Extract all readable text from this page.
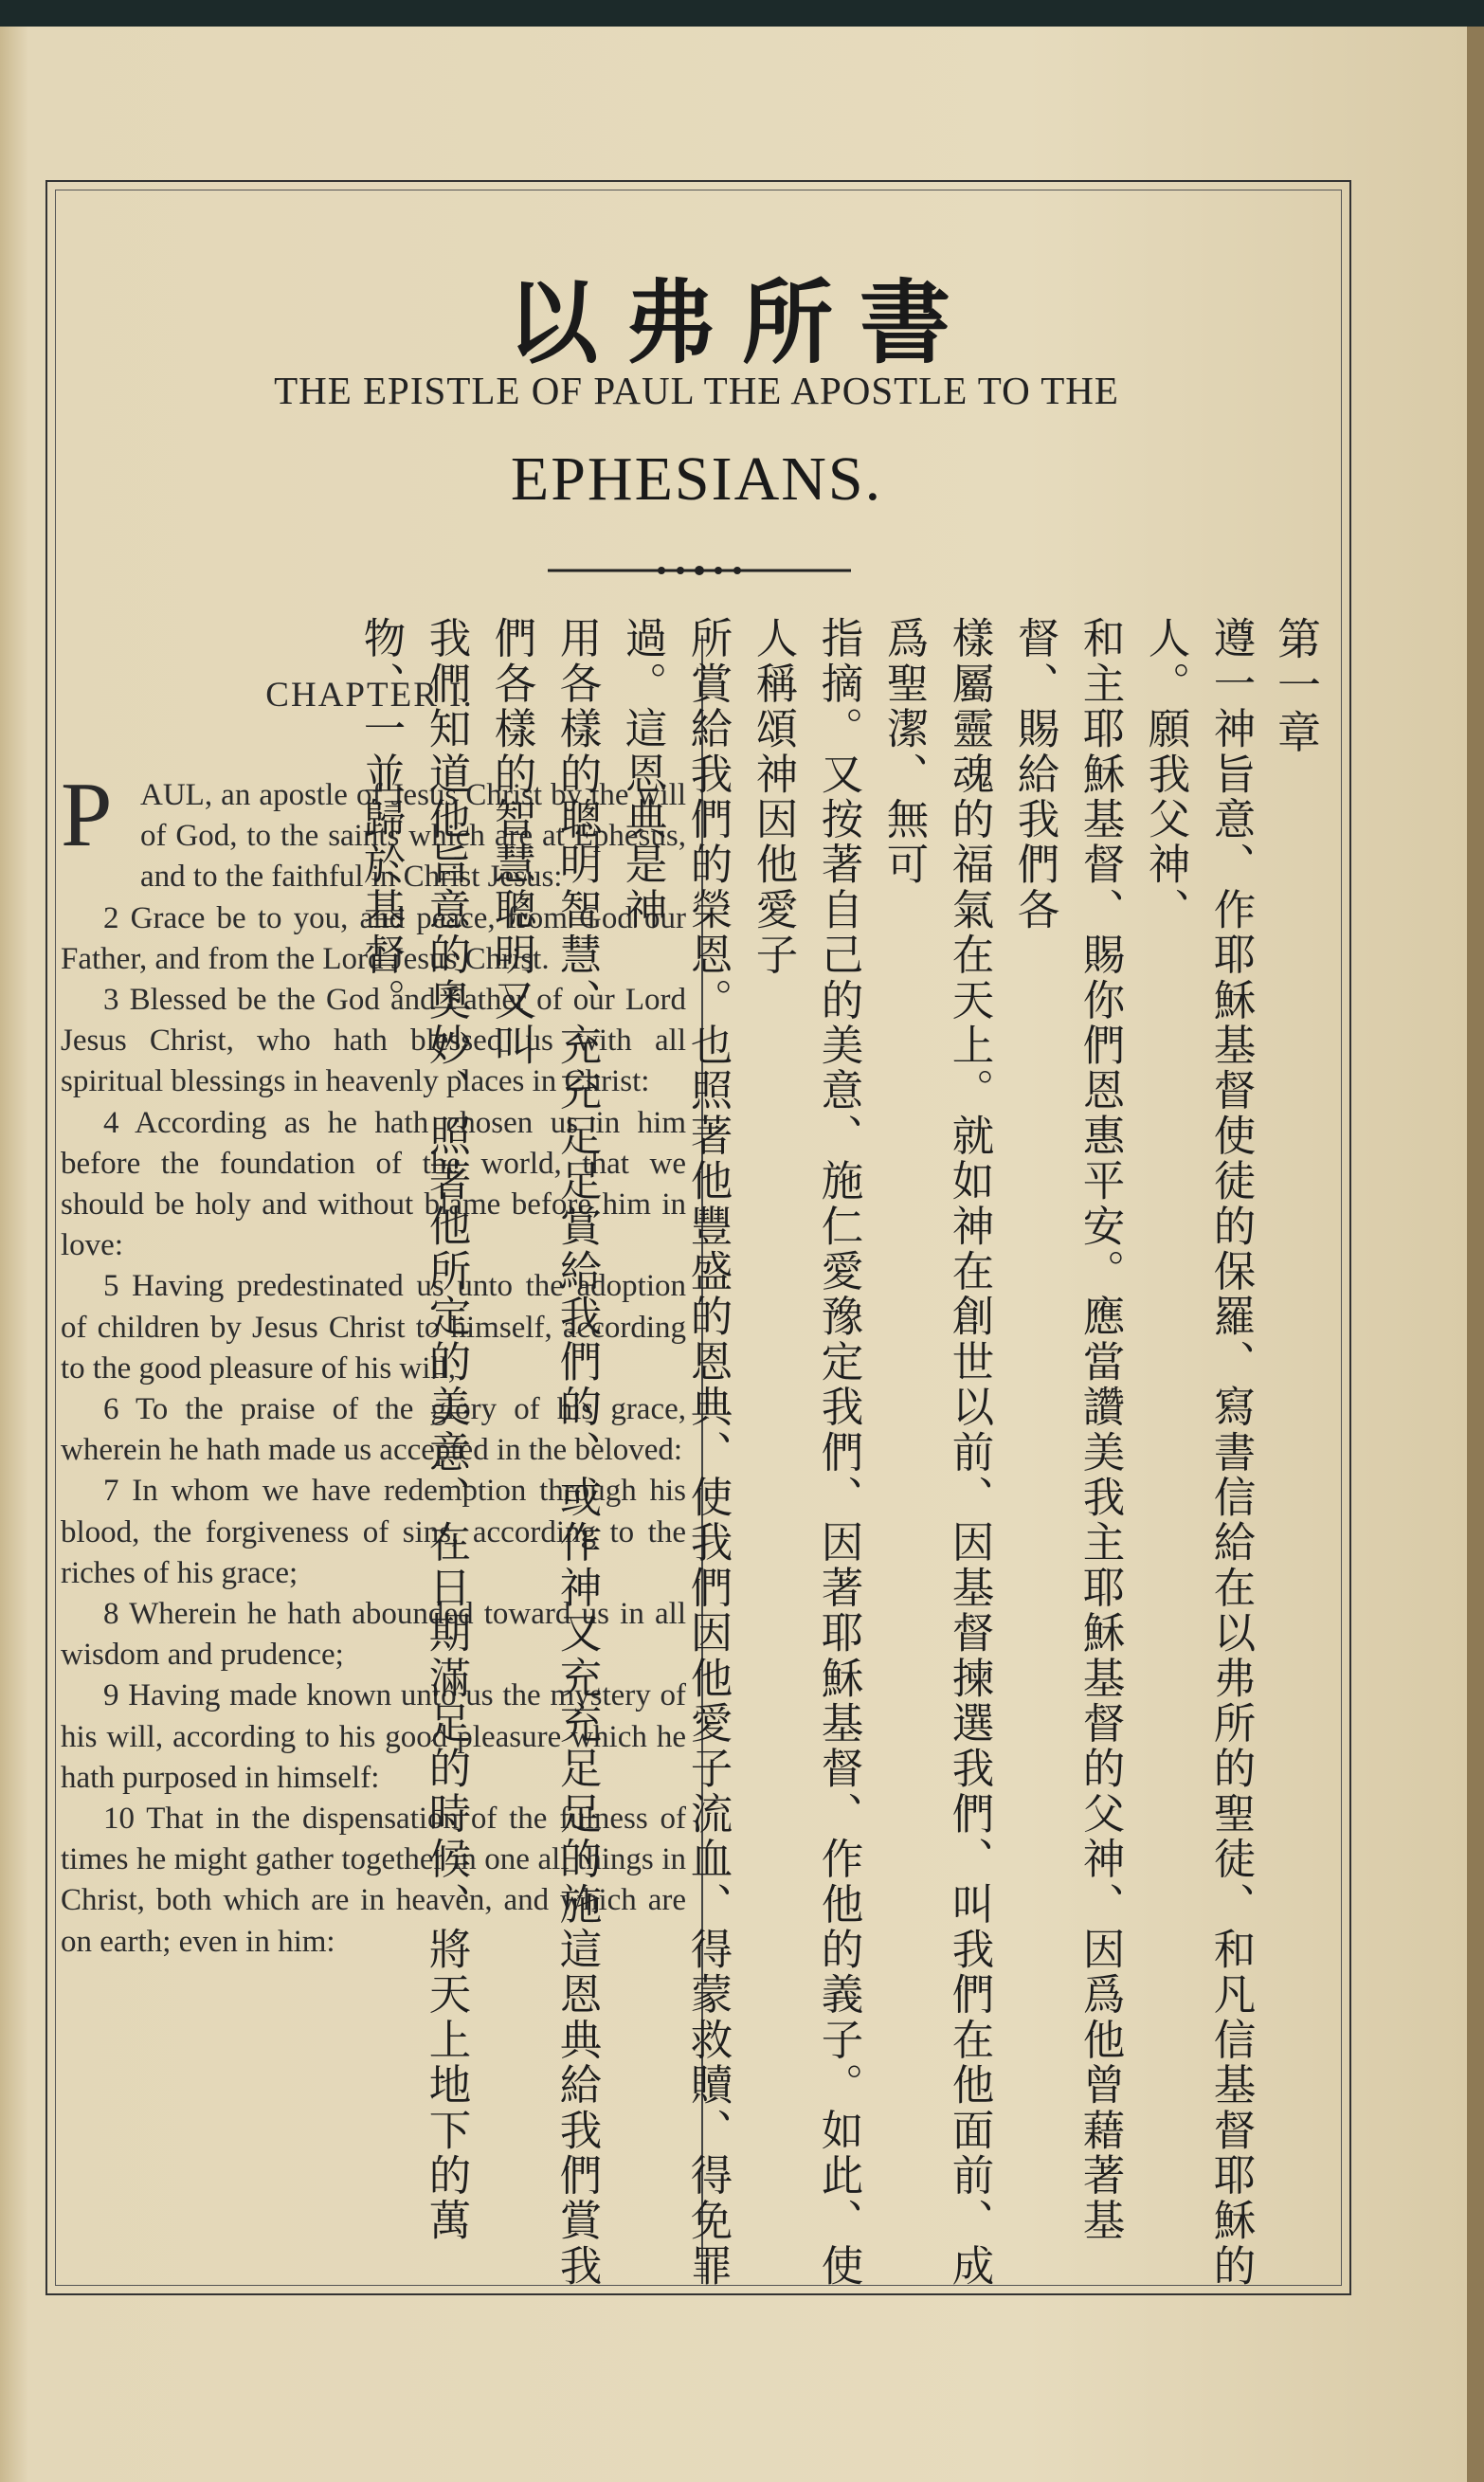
以弗所書
THE EPISTLE OF PAUL THE APOSTLE TO THE
EPHESIANS.
CHAPTER I.

P AUL, an apostle of Jesus Christ by the will of God, to the saints which are at Ephesus, and to the faithful in Christ Jesus:

2 Grace be to you, and peace, from God our Father, and from the Lord Jesus Christ.

3 Blessed be the God and Father of our Lord Jesus Christ, who hath blessed us with all spiritual blessings in heavenly places in Christ:

4 According as he hath chosen us in him before the foundation of the world, that we should be holy and without blame before him in love:

5 Having predestinated us unto the adoption of children by Jesus Christ to himself, according to the good pleasure of his will,

6 To the praise of the glory of his grace, wherein he hath made us accepted in the beloved:

7 In whom we have redemption through his blood, the forgiveness of sins, according to the riches of his grace;

8 Wherein he hath abounded toward us in all wisdom and prudence;

9 Having made known unto us the mystery of his will, according to his good pleasure which he hath purposed in himself:

10 That in the dispensation of the fulness of times he might gather together in one all things in Christ, both which are in heaven, and which are on earth; even in him:

第一章

遵一神旨意、作耶穌基督使徒的保羅、寫書信給在以弗所的聖徒、和凡信基督耶穌的人。願我父神、

和主耶穌基督、賜你們恩惠平安。應當讚美我主耶穌基督的父神、因爲他曾藉著基督、賜給我們各

樣屬靈魂的福氣在天上。就如神在創世以前、因基督揀選我們、叫我們在他面前、成爲聖潔、無可

指摘。又按著自己的美意、施仁愛豫定我們、因著耶穌基督、作他的義子。如此、使人稱頌神因他愛子

所賞給我們的榮恩。也照著他豐盛的恩典、使我們因他愛子流血、得蒙救贖、得免罪過。這恩典是神

用各樣的聰明智慧、充充足足賞給我們的、或作神又充充足足的施這恩典給我們賞我們各樣的智慧聰明又叫

我們知道他旨意的奧妙、照著他所定的美意、在日期滿足的時候、將天上地下的萬物、一並歸於基督。
